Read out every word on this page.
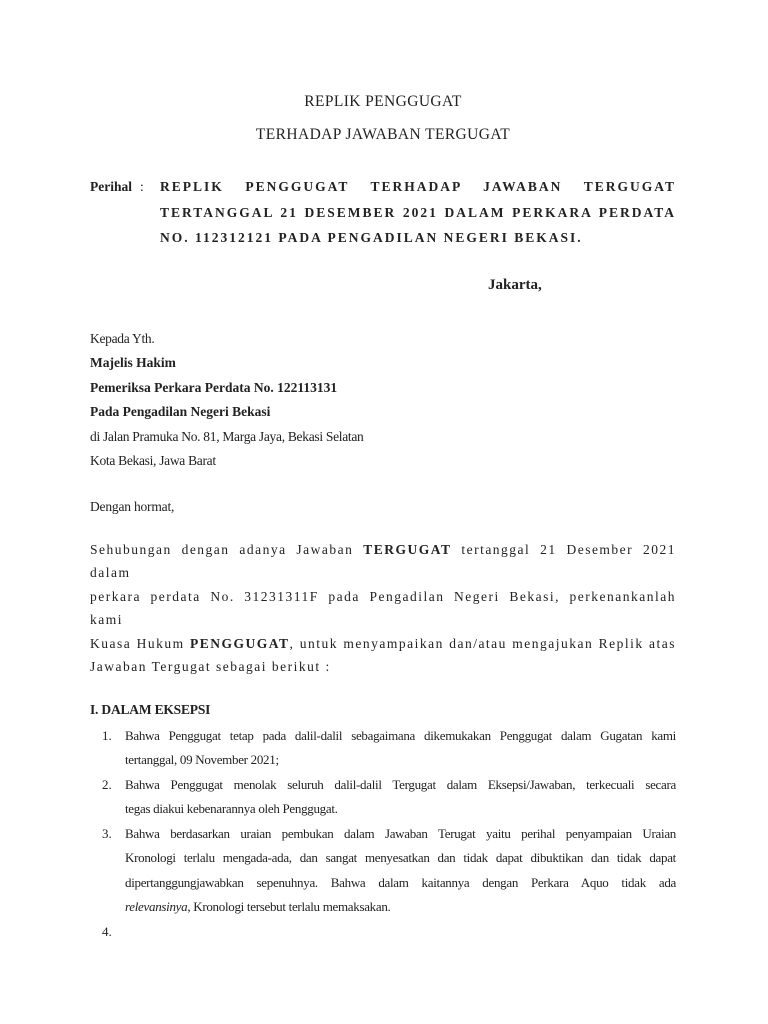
REPLIK PENGGUGAT
TERHADAP JAWABAN TERGUGAT
Perihal :	REPLIK PENGGUGAT TERHADAP JAWABAN TERGUGAT
TERTANGGAL 21 DESEMBER 2021 DALAM PERKARA PERDATA
NO. 112312121 PADA PENGADILAN NEGERI BEKASI.
Jakarta,
Kepada Yth.
Majelis Hakim
Pemeriksa Perkara Perdata No. 122113131
Pada Pengadilan Negeri Bekasi
di Jalan Pramuka No. 81, Marga Jaya, Bekasi Selatan
Kota Bekasi, Jawa Barat
Dengan hormat,
Sehubungan dengan adanya Jawaban TERGUGAT tertanggal 21 Desember 2021 dalam
perkara perdata No. 31231311F pada Pengadilan Negeri Bekasi, perkenankanlah kami
Kuasa Hukum PENGGUGAT, untuk menyampaikan dan/atau mengajukan Replik atas
Jawaban Tergugat sebagai berikut :
I. DALAM EKSEPSI
1.	Bahwa Penggugat tetap pada dalil-dalil sebagaimana dikemukakan Penggugat dalam Gugatan kami
tertanggal, 09 November 2021;
2.	Bahwa Penggugat menolak seluruh dalil-dalil Tergugat dalam Eksepsi/Jawaban, terkecuali secara
tegas diakui kebenarannya oleh Penggugat.
3.	Bahwa berdasarkan uraian pembukan dalam Jawaban Terugat yaitu perihal penyampaian Uraian
Kronologi terlalu mengada-ada, dan sangat menyesatkan dan tidak dapat dibuktikan dan tidak dapat
dipertanggungjawabkan sepenuhnya. Bahwa dalam kaitannya dengan Perkara Aquo tidak ada
relevansinya, Kronologi tersebut terlalu memaksakan.
4.
